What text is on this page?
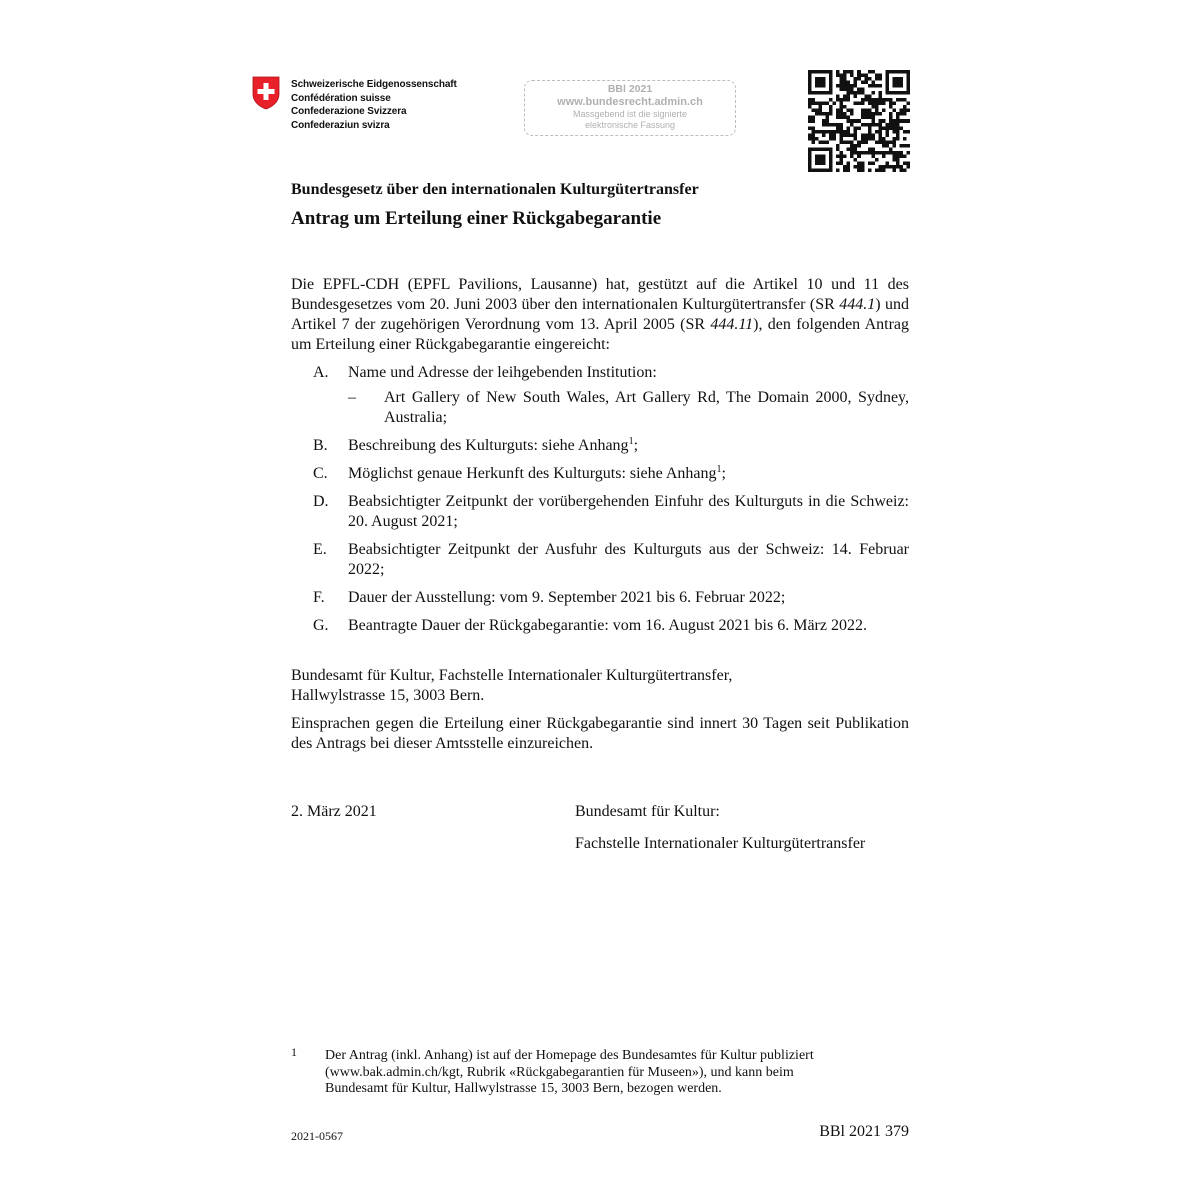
Schweizerische Eidgenossenschaft
Confédération suisse
Confederazione Svizzera
Confederaziun svizra
BBl 2021
www.bundesrecht.admin.ch
Massgebend ist die signierte
elektronische Fassung
Bundesgesetz über den internationalen Kulturgütertransfer
Antrag um Erteilung einer Rückgabegarantie

Die EPFL-CDH (EPFL Pavilions, Lausanne) hat, gestützt auf die Artikel 10 und 11 des Bundesgesetzes vom 20. Juni 2003 über den internationalen Kulturgütertransfer (SR 444.1) und Artikel 7 der zugehörigen Verordnung vom 13. April 2005 (SR 444.11), den folgenden Antrag um Erteilung einer Rückgabegarantie eingereicht:

A. Name und Adresse der leihgebenden Institution:
– Art Gallery of New South Wales, Art Gallery Rd, The Domain 2000, Sydney, Australia;
B. Beschreibung des Kulturguts: siehe Anhang$^1$;
C. Möglichst genaue Herkunft des Kulturguts: siehe Anhang$^1$;
D. Beabsichtigter Zeitpunkt der vorübergehenden Einfuhr des Kulturguts in die Schweiz: 20. August 2021;
E. Beabsichtigter Zeitpunkt der Ausfuhr des Kulturguts aus der Schweiz: 14. Februar 2022;
F. Dauer der Ausstellung: vom 9. September 2021 bis 6. Februar 2022;
G. Beantragte Dauer der Rückgabegarantie: vom 16. August 2021 bis 6. März 2022.

Bundesamt für Kultur, Fachstelle Internationaler Kulturgütertransfer,

Hallwylstrasse 15, 3003 Bern.

Einsprachen gegen die Erteilung einer Rückgabegarantie sind innert 30 Tagen seit Publikation des Antrags bei dieser Amtsstelle einzureichen.

2. März 2021	Bundesamt für Kultur:
Fachstelle Internationaler Kulturgütertransfer
1 Der Antrag (inkl. Anhang) ist auf der Homepage des Bundesamtes für Kultur publiziert

(www.bak.admin.ch/kgt, Rubrik «Rückgabegarantien für Museen»), und kann beim

Bundesamt für Kultur, Hallwylstrasse 15, 3003 Bern, bezogen werden.

2021-0567	BBl 2021 379
